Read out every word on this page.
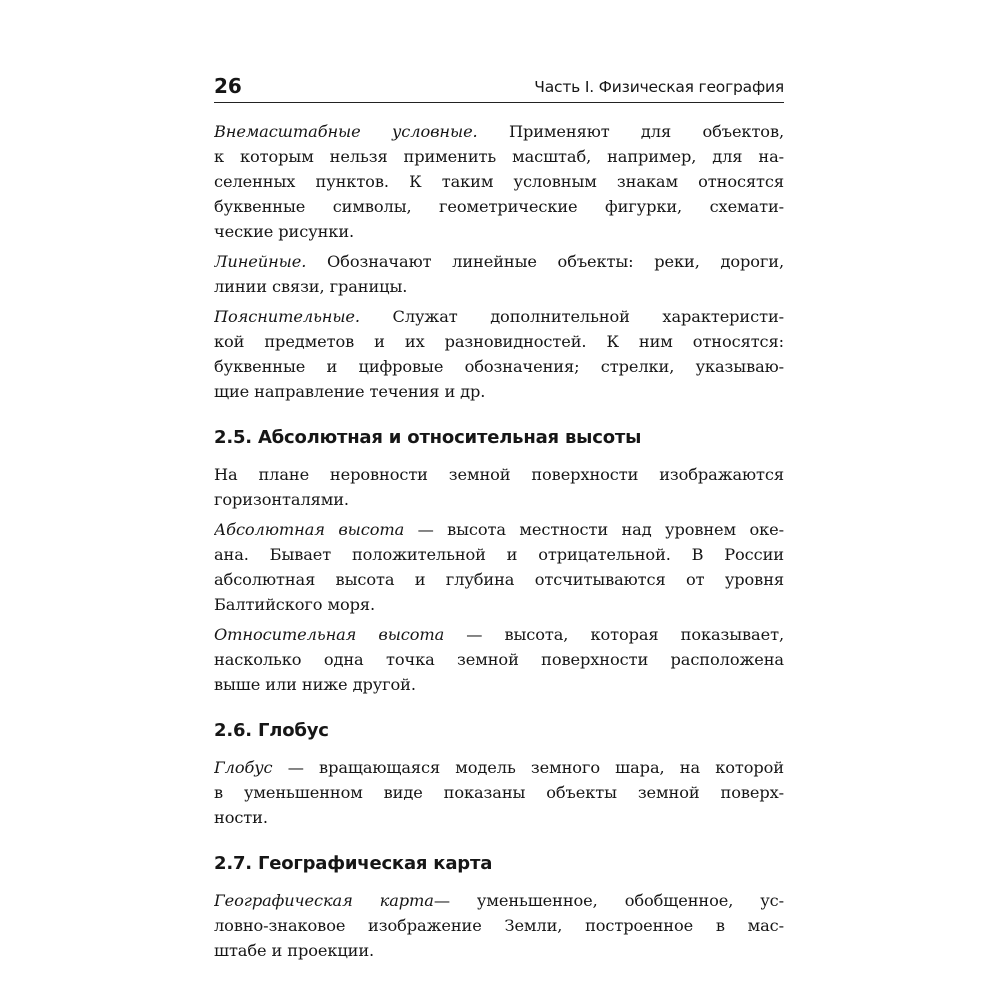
26	Часть I. Физическая география
Внемасштабные условные. Применяют для объектов,
к которым нельзя применить масштаб, например, для на-
селенных пунктов. К таким условным знакам относятся
буквенные символы, геометрические фигурки, схемати-
ческие рисунки.
Линейные. Обозначают линейные объекты: реки, дороги,
линии связи, границы.
Пояснительные. Служат дополнительной характеристи-
кой предметов и их разновидностей. К ним относятся:
буквенные и цифровые обозначения; стрелки, указываю-
щие направление течения и др.
2.5. Абсолютная и относительная высоты
На плане неровности земной поверхности изображаются
горизонталями.
Абсолютная высота — высота местности над уровнем оке-
ана. Бывает положительной и отрицательной. В России
абсолютная высота и глубина отсчитываются от уровня
Балтийского моря.
Относительная высота — высота, которая показывает,
насколько одна точка земной поверхности расположена
выше или ниже другой.
2.6. Глобус
Глобус — вращающаяся модель земного шара, на которой
в уменьшенном виде показаны объекты земной поверх-
ности.
2.7. Географическая карта
Географическая карта— уменьшенное, обобщенное, ус-
ловно-знаковое изображение Земли, построенное в мас-
штабе и проекции.
